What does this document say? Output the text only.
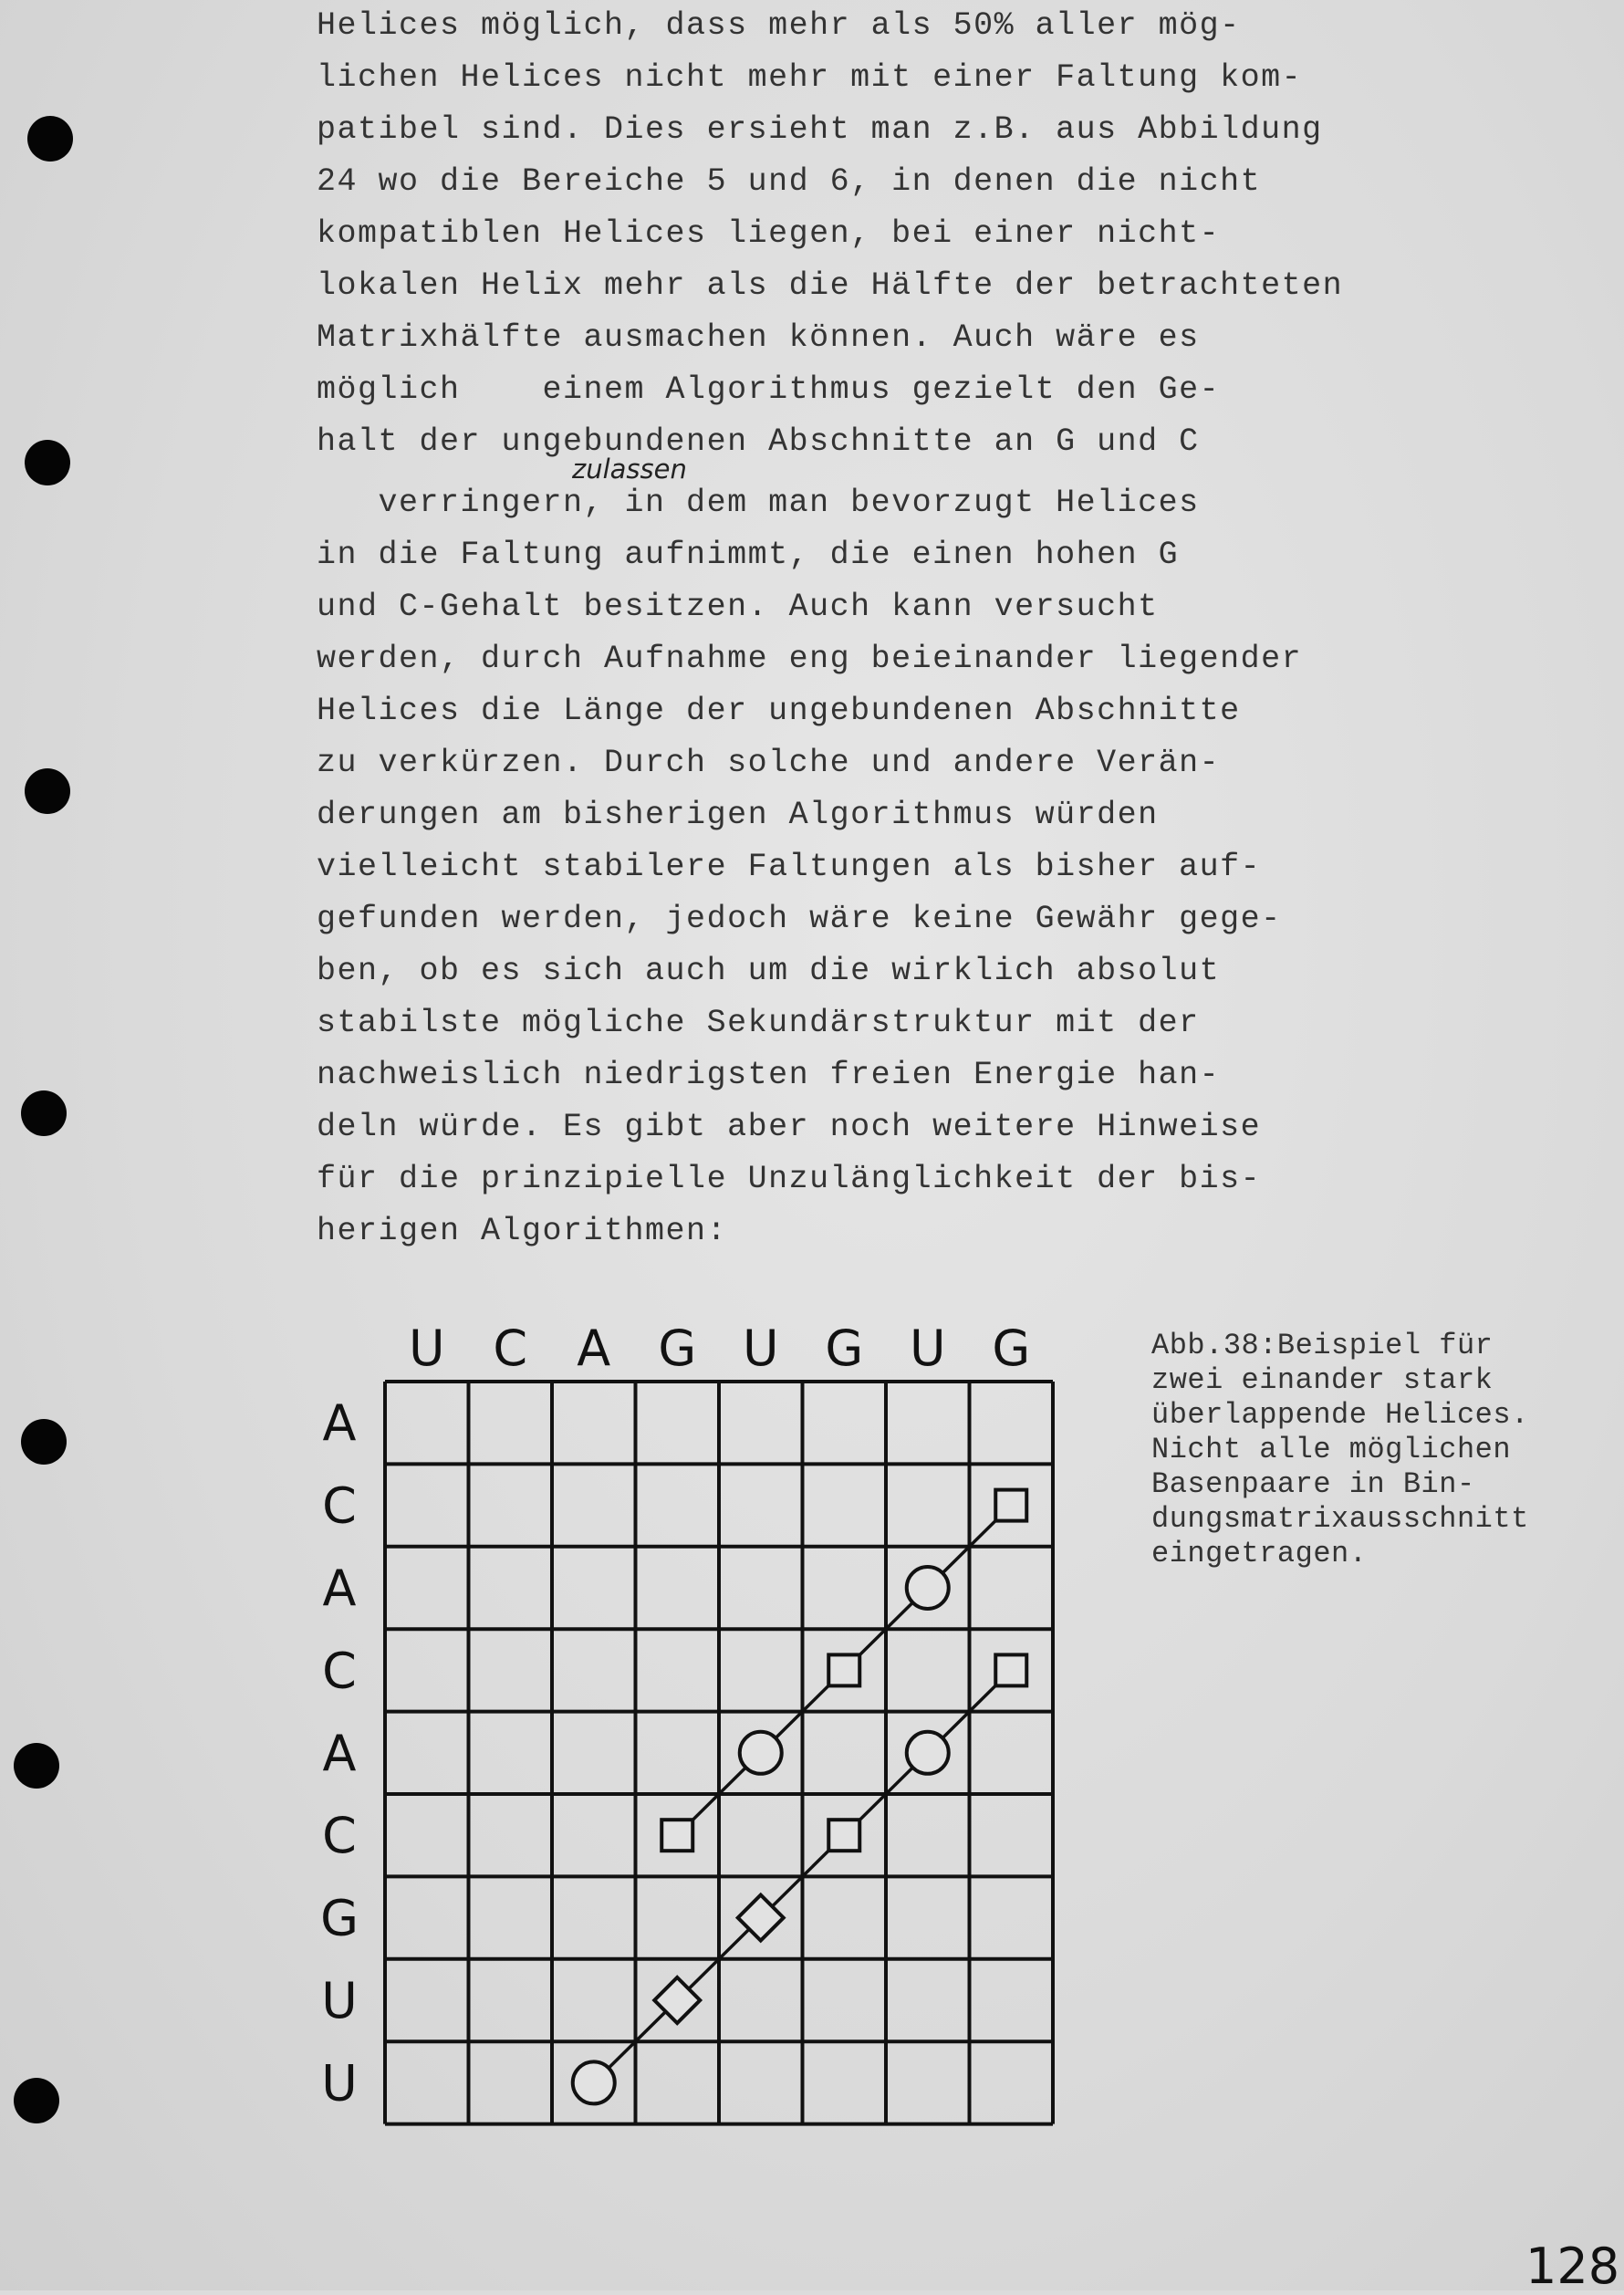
Helices möglich, dass mehr als 50% aller mög-
lichen Helices nicht mehr mit einer Faltung kom-
patibel sind. Dies ersieht man z.B. aus Abbildung
24 wo die Bereiche 5 und 6, in denen die nicht
kompatiblen Helices liegen, bei einer nicht-
lokalen Helix mehr als die Hälfte der betrachteten
Matrixhälfte ausmachen können. Auch wäre es
möglich    einem Algorithmus gezielt den Ge-
halt der ungebundenen Abschnitte an G und C
verringern, in dem man bevorzugt Helices
in die Faltung aufnimmt, die einen hohen G
und C-Gehalt besitzen. Auch kann versucht
werden, durch Aufnahme eng beieinander liegender
Helices die Länge der ungebundenen Abschnitte
zu verkürzen. Durch solche und andere Verän-
derungen am bisherigen Algorithmus würden
vielleicht stabilere Faltungen als bisher auf-
gefunden werden, jedoch wäre keine Gewähr gege-
ben, ob es sich auch um die wirklich absolut
stabilste mögliche Sekundärstruktur mit der
nachweislich niedrigsten freien Energie han-
deln würde. Es gibt aber noch weitere Hinweise
für die prinzipielle Unzulänglichkeit der bis-
herigen Algorithmen:
zulassen
U C A G U G U G
A
C
A
C
A
C
G
U
U
Abb.38:Beispiel für
zwei einander stark
überlappende Helices.
Nicht alle möglichen
Basenpaare in Bin-
dungsmatrixausschnitt
eingetragen.
128
